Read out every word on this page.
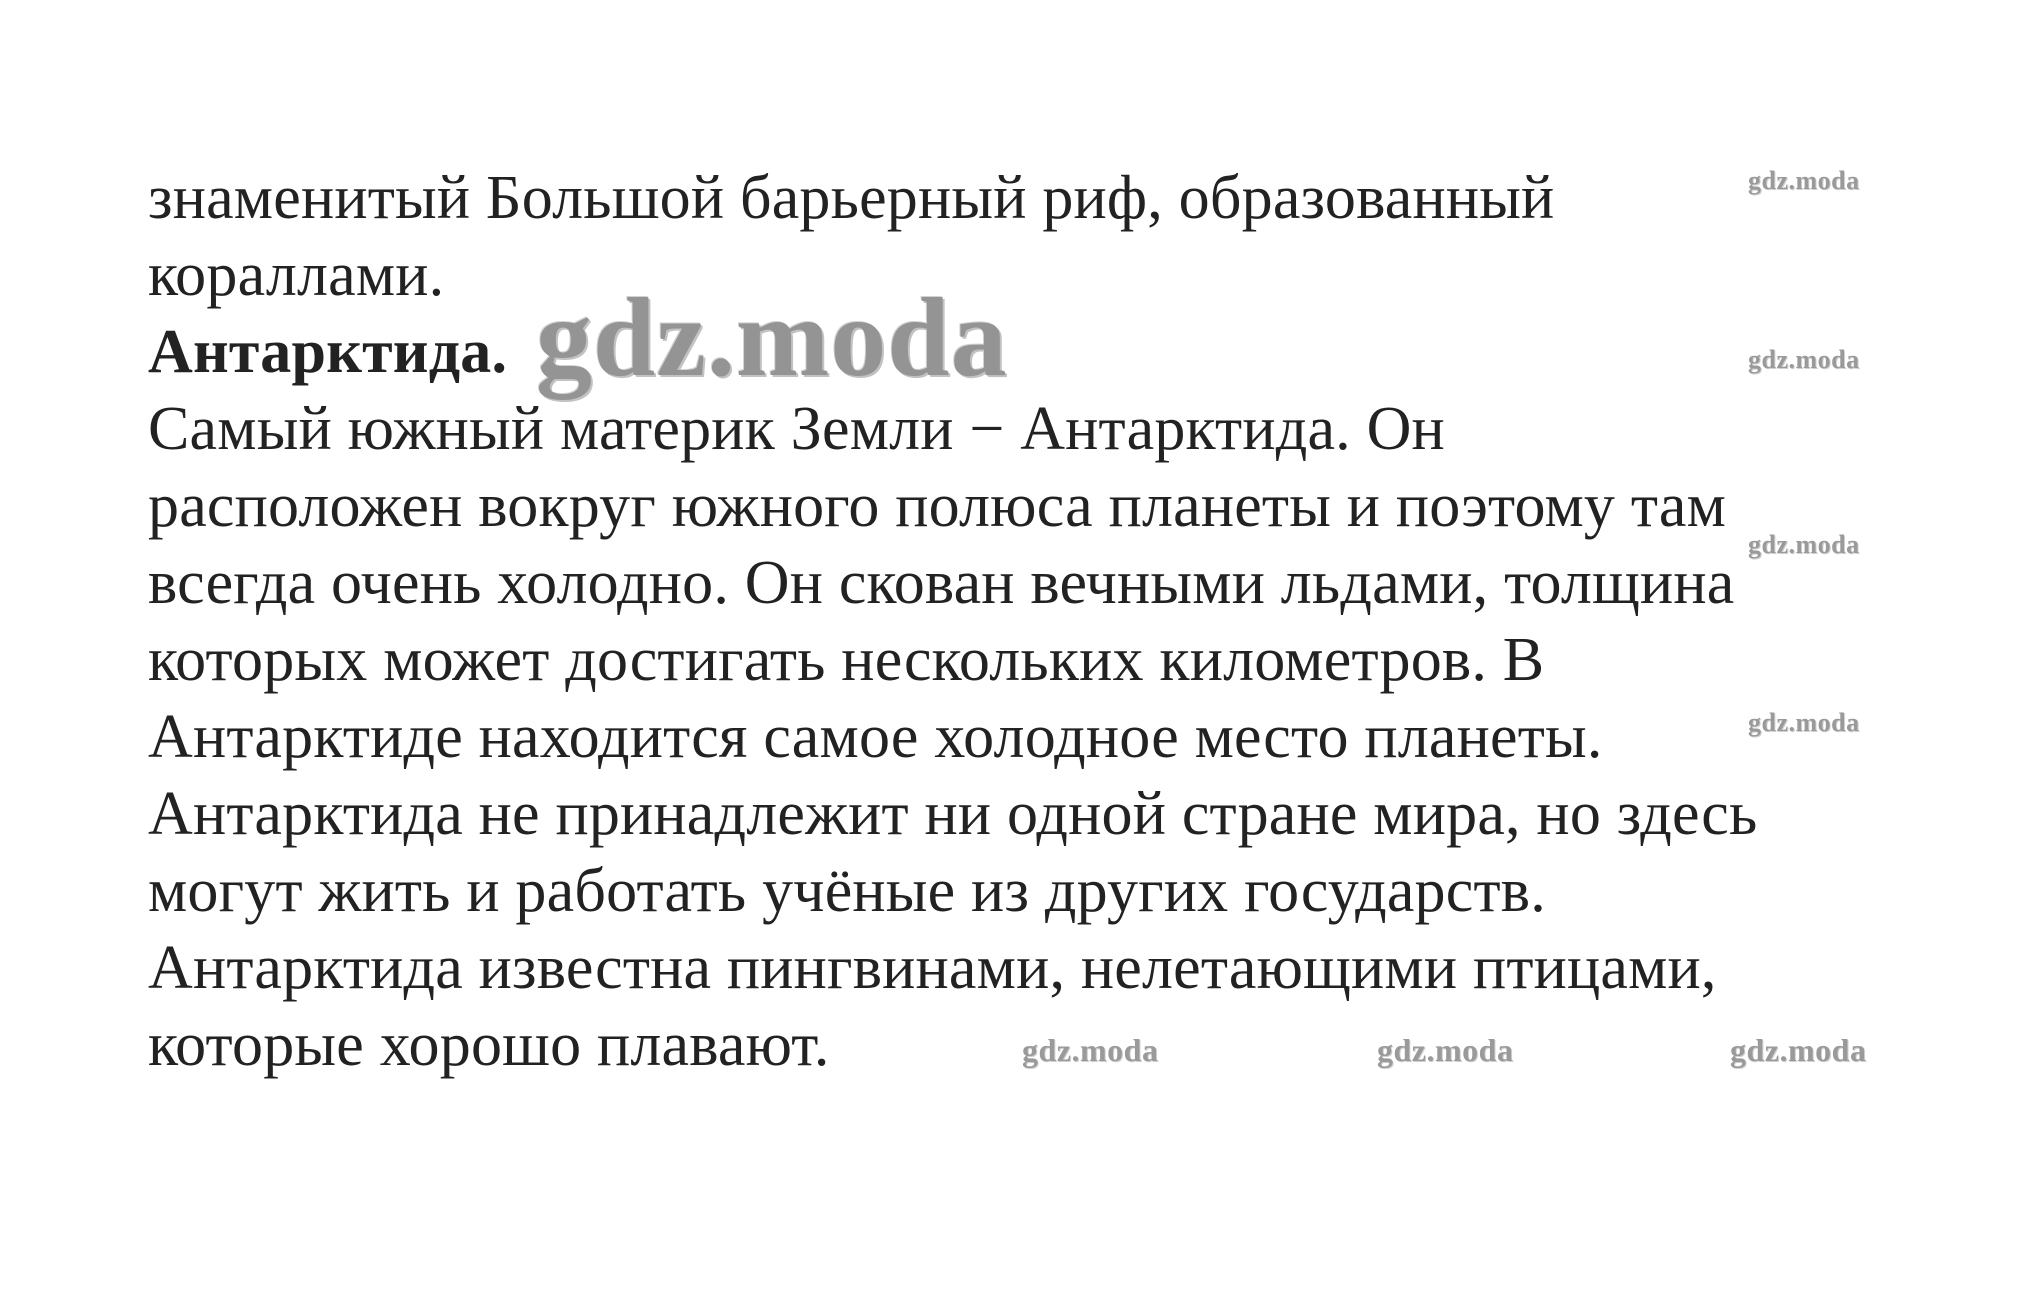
знаменитый Большой барьерный риф, образованный
кораллами.
Антарктида.
Самый южный материк Земли − Антарктида. Он
расположен вокруг южного полюса планеты и поэтому там
всегда очень холодно. Он скован вечными льдами, толщина
которых может достигать нескольких километров. В
Антарктиде находится самое холодное место планеты.
Антарктида не принадлежит ни одной стране мира, но здесь
могут жить и работать учёные из других государств.
Антарктида известна пингвинами, нелетающими птицами,
которые хорошо плавают.
gdz.moda
gdz.moda
gdz.moda
gdz.moda
gdz.moda
gdz.moda	gdz.moda	gdz.moda
